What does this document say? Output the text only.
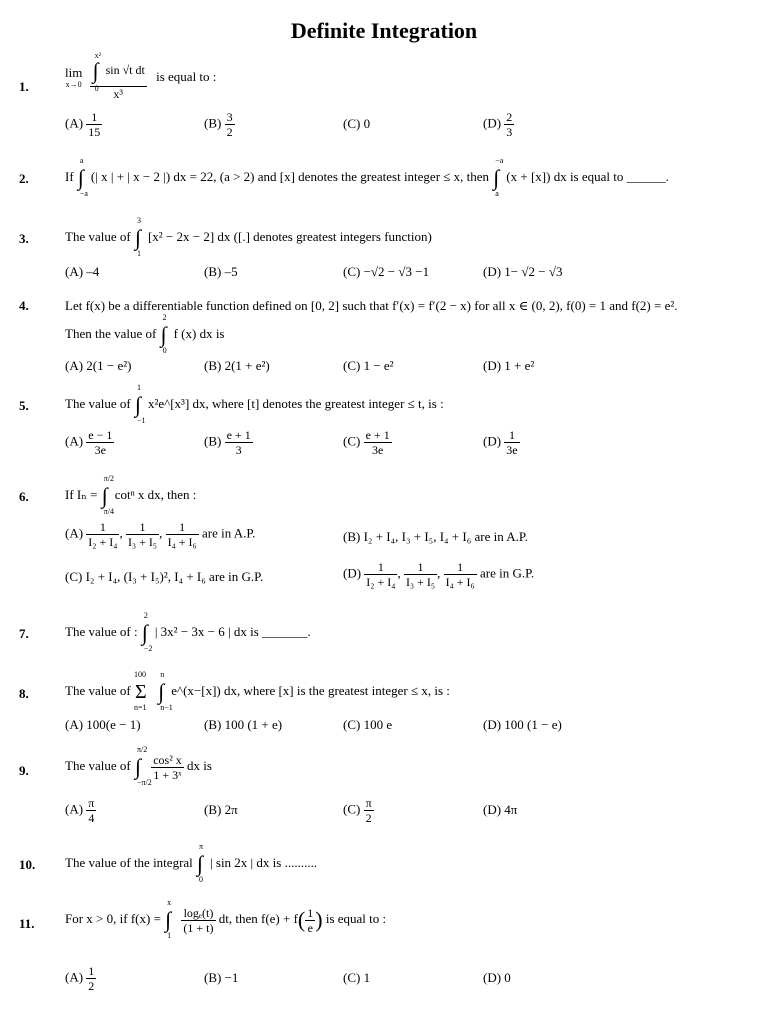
Definite Integration
1.
lim
x→0
x²
∫
0
sin √t dt
x³ is equal to :
$(A) \frac{1}{15}$	$(B) \frac{3}{2}$	(C) 0	$(D) \frac{2}{3}$
2.	If
a
∫
−a
(| x | + | x − 2 |) dx = 22, (a > 2) and [x] denotes the greatest integer ≤ x, then
−a
∫
a
(x + [x]) dx is equal to ______.
3.	The value of
3
∫
1
[x² − 2x − 2] dx ([.] denotes greatest integers function)
(A) –4	(B) –5	(C) −√2 − √3 −1	(D) 1− √2 − √3
4.	Let f(x) be a differentiable function defined on [0, 2] such that f′(x) = f′(2 − x) for all x ∈ (0, 2), f(0) = 1 and f(2) = e².
Then the value of
2
∫
0
f (x) dx is
(A) 2(1 − e²)	(B) 2(1 + e²)	(C) 1 − e²	(D) 1 + e²
5.	The value of
1
∫
−1
x²e^[x³] dx, where [t] denotes the greatest integer ≤ t, is :
$(A) \frac{e - 1}{3e}$	$(B) \frac{e + 1}{3}$	$(C) \frac{e + 1}{3e}$	$(D) \frac{1}{3e}$
6.	If Iₙ =
π/2
∫
π/4
cotⁿ x dx, then :
$(A) \frac{1}{\text{I₂ + I₄}}$ , $\frac{1}{\text{I₃ + I₅}}$ , $\frac{1}{\text{I₄ + I₆}}$ are in A.P.	(B) I₂ + I₄, I₃ + I₅, I₄ + I₆ are in A.P.
(C) I₂ + I₄, (I₃ + I₅)², I₄ + I₆ are in G.P.	$(D) \frac{1}{\text{I₂ + I₄}}$ , $\frac{1}{\text{I₃ + I₅}}$ , $\frac{1}{\text{I₄ + I₆}}$ are in G.P.
7.	The value of :
2
∫
−2
| 3x² − 3x − 6 | dx is _______.
8.	The value of
100
Σ
n=1

n
∫
n−1
e^(x−[x]) dx, where [x] is the greatest integer ≤ x, is :
(A) 100(e − 1)	(B) 100 (1 + e)	(C) 100 e	(D) 100 (1 − e)
9.	The value of
π/2
∫
−π/2

$\frac{\text{cos² x}}{\text{1 + 3ˣ}}$ dx is
$(A) \frac{\pi}{4}$	(B) 2π	$(C) \frac{\pi}{2}$	(D) 4π
10. The value of the integral
π
∫
0
| sin 2x | dx is ..........
11. For x > 0, if f(x) =
x
∫
1

$\frac{\text{logₑ(t)}}{(1 + t)}$ dt, then $f(e) + f( \frac{1}{e}$ ) is equal to :
$(A) \frac{1}{2}$	(B) −1	(C) 1	(D) 0
